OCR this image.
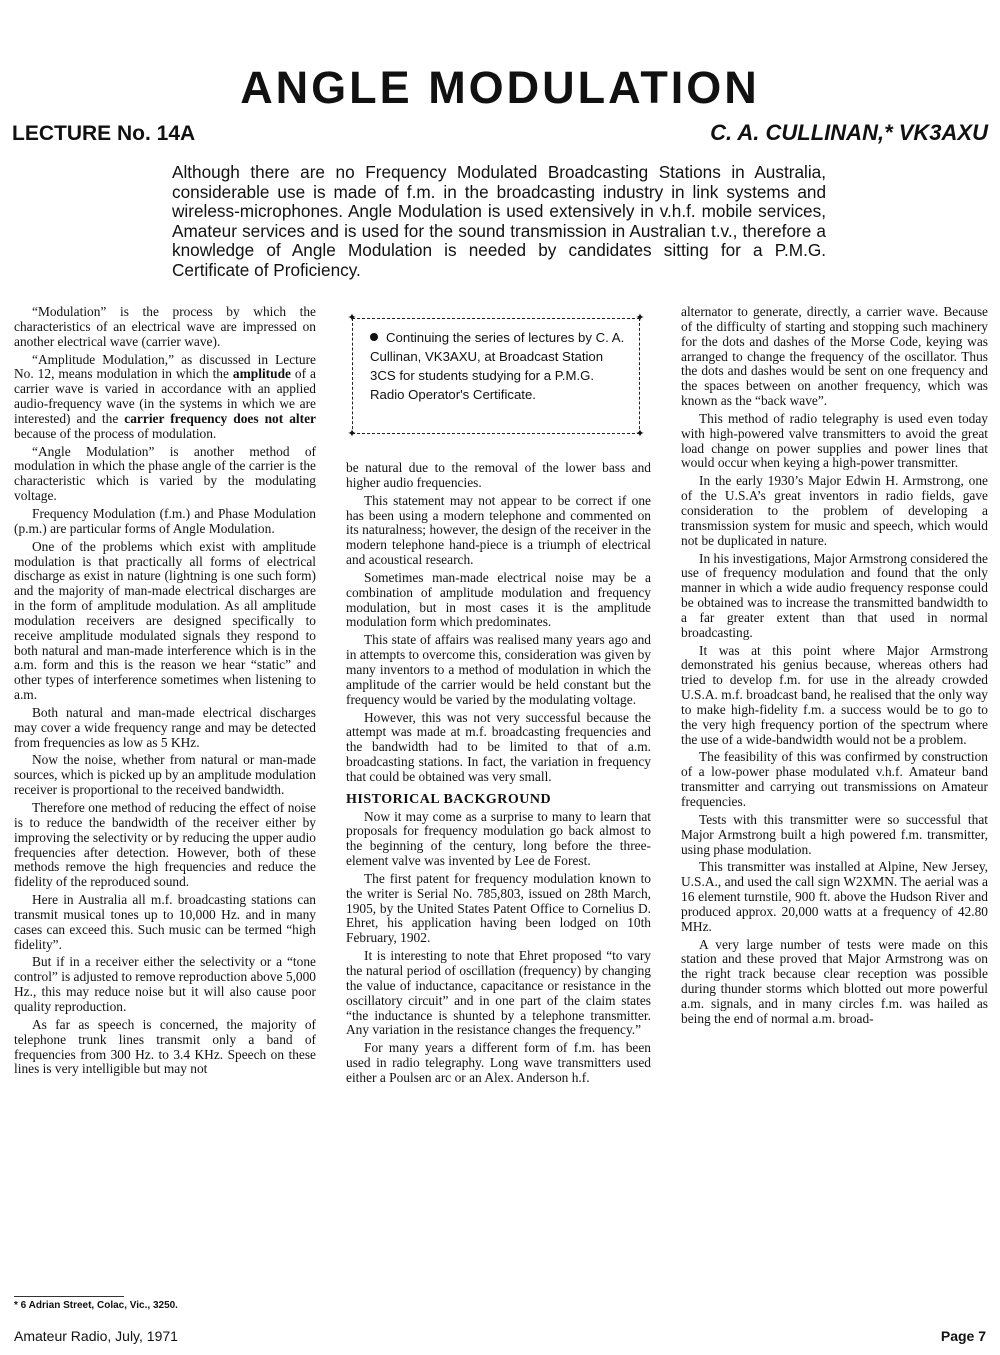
ANGLE MODULATION
LECTURE No. 14A	C. A. CULLINAN,* VK3AXU
Although there are no Frequency Modulated Broadcasting Stations in Australia, considerable use is made of f.m. in the broadcasting industry in link systems and wireless-microphones. Angle Modulation is used extensively in v.h.f. mobile services, Amateur services and is used for the sound transmission in Australian t.v., therefore a knowledge of Angle Modulation is needed by candidates sitting for a P.M.G. Certificate of Proficiency.

“Modulation” is the process by which the characteristics of an electrical wave are impressed on another electrical wave (carrier wave).

“Amplitude Modulation,” as discussed in Lecture No. 12, means modulation in which the amplitude of a carrier wave is varied in accordance with an applied audio-frequency wave (in the systems in which we are interested) and the carrier frequency does not alter because of the process of modulation.

“Angle Modulation” is another method of modulation in which the phase angle of the carrier is the characteristic which is varied by the modulating voltage.

Frequency Modulation (f.m.) and Phase Modulation (p.m.) are particular forms of Angle Modulation.

One of the problems which exist with amplitude modulation is that practically all forms of electrical discharge as exist in nature (lightning is one such form) and the majority of man-made electrical discharges are in the form of amplitude modulation. As all amplitude modulation receivers are designed specifically to receive amplitude modulated signals they respond to both natural and man-made interference which is in the a.m. form and this is the reason we hear “static” and other types of interference sometimes when listening to a.m.

Both natural and man-made electrical discharges may cover a wide frequency range and may be detected from frequencies as low as 5 KHz.

Now the noise, whether from natural or man-made sources, which is picked up by an amplitude modulation receiver is proportional to the received bandwidth.

Therefore one method of reducing the effect of noise is to reduce the bandwidth of the receiver either by improving the selectivity or by reducing the upper audio frequencies after detection. However, both of these methods remove the high frequencies and reduce the fidelity of the reproduced sound.

Here in Australia all m.f. broadcasting stations can transmit musical tones up to 10,000 Hz. and in many cases can exceed this. Such music can be termed “high fidelity”.

But if in a receiver either the selectivity or a “tone control” is adjusted to remove reproduction above 5,000 Hz., this may reduce noise but it will also cause poor quality reproduction.

As far as speech is concerned, the majority of telephone trunk lines transmit only a band of frequencies from 300 Hz. to 3.4 KHz. Speech on these lines is very intelligible but may not

✦	✦
✦	✦
Continuing the series of lectures by C. A. Cullinan, VK3AXU, at Broadcast Station 3CS for students studying for a P.M.G. Radio Operator's Certificate.

be natural due to the removal of the lower bass and higher audio frequencies.

This statement may not appear to be correct if one has been using a modern telephone and commented on its naturalness; however, the design of the receiver in the modern telephone hand-piece is a triumph of electrical and acoustical research.

Sometimes man-made electrical noise may be a combination of amplitude modulation and frequency modulation, but in most cases it is the amplitude modulation form which predominates.

This state of affairs was realised many years ago and in attempts to overcome this, consideration was given by many inventors to a method of modulation in which the amplitude of the carrier would be held constant but the frequency would be varied by the modulating voltage.

However, this was not very successful because the attempt was made at m.f. broadcasting frequencies and the bandwidth had to be limited to that of a.m. broadcasting stations. In fact, the variation in frequency that could be obtained was very small.

HISTORICAL BACKGROUND

Now it may come as a surprise to many to learn that proposals for frequency modulation go back almost to the beginning of the century, long before the three-element valve was invented by Lee de Forest.

The first patent for frequency modulation known to the writer is Serial No. 785,803, issued on 28th March, 1905, by the United States Patent Office to Cornelius D. Ehret, his application having been lodged on 10th February, 1902.

It is interesting to note that Ehret proposed “to vary the natural period of oscillation (frequency) by changing the value of inductance, capacitance or resistance in the oscillatory circuit” and in one part of the claim states “the inductance is shunted by a telephone transmitter. Any variation in the resistance changes the frequency.”

For many years a different form of f.m. has been used in radio telegraphy. Long wave transmitters used either a Poulsen arc or an Alex. Anderson h.f.

alternator to generate, directly, a carrier wave. Because of the difficulty of starting and stopping such machinery for the dots and dashes of the Morse Code, keying was arranged to change the frequency of the oscillator. Thus the dots and dashes would be sent on one frequency and the spaces between on another frequency, which was known as the “back wave”.

This method of radio telegraphy is used even today with high-powered valve transmitters to avoid the great load change on power supplies and power lines that would occur when keying a high-power transmitter.

In the early 1930’s Major Edwin H. Armstrong, one of the U.S.A’s great inventors in radio fields, gave consideration to the problem of developing a transmission system for music and speech, which would not be duplicated in nature.

In his investigations, Major Armstrong considered the use of frequency modulation and found that the only manner in which a wide audio frequency response could be obtained was to increase the transmitted bandwidth to a far greater extent than that used in normal broadcasting.

It was at this point where Major Armstrong demonstrated his genius because, whereas others had tried to develop f.m. for use in the already crowded U.S.A. m.f. broadcast band, he realised that the only way to make high-fidelity f.m. a success would be to go to the very high frequency portion of the spectrum where the use of a wide-bandwidth would not be a problem.

The feasibility of this was confirmed by construction of a low-power phase modulated v.h.f. Amateur band transmitter and carrying out transmissions on Amateur frequencies.

Tests with this transmitter were so successful that Major Armstrong built a high powered f.m. transmitter, using phase modulation.

This transmitter was installed at Alpine, New Jersey, U.S.A., and used the call sign W2XMN. The aerial was a 16 element turnstile, 900 ft. above the Hudson River and produced approx. 20,000 watts at a frequency of 42.80 MHz.

A very large number of tests were made on this station and these proved that Major Armstrong was on the right track because clear reception was possible during thunder storms which blotted out more powerful a.m. signals, and in many circles f.m. was hailed as being the end of normal a.m. broad-

* 6 Adrian Street, Colac, Vic., 3250.
Amateur Radio, July, 1971	Page 7
